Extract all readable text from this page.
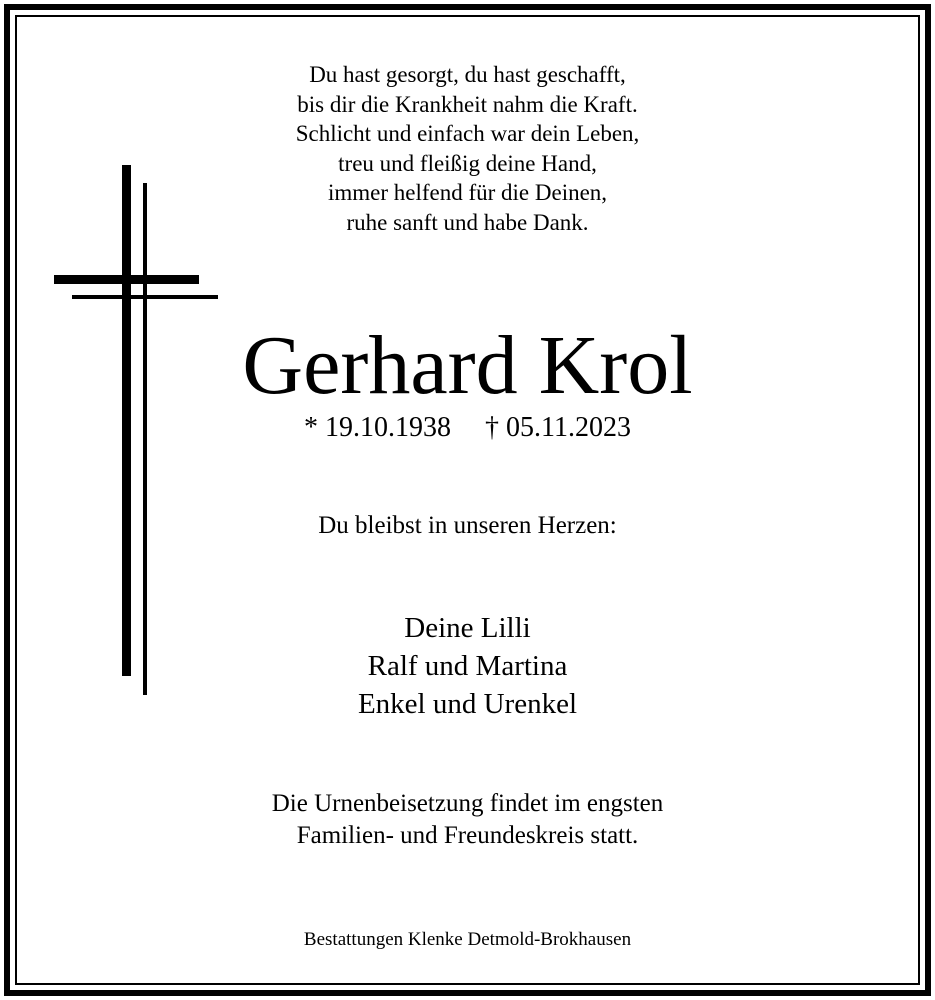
Du hast gesorgt, du hast geschafft,
bis dir die Krankheit nahm die Kraft.
Schlicht und einfach war dein Leben,
treu und fleißig deine Hand,
immer helfend für die Deinen,
ruhe sanft und habe Dank.
Gerhard Krol
* 19.10.1938 † 05.11.2023
Du bleibst in unseren Herzen:
Deine Lilli
Ralf und Martina
Enkel und Urenkel
Die Urnenbeisetzung findet im engsten
Familien- und Freundeskreis statt.
Bestattungen Klenke Detmold-Brokhausen
